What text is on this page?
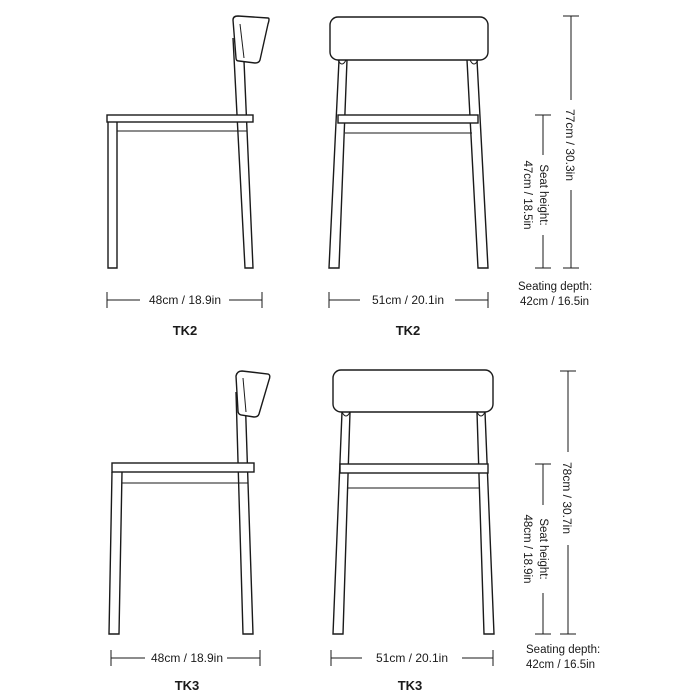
48cm / 18.9in
TK2
51cm / 20.1in
TK2
77cm / 30.3in
Seat height:
47cm / 18.5in
Seating depth:
42cm / 16.5in
48cm / 18.9in
TK3
51cm / 20.1in
TK3
78cm / 30.7in
Seat height:
48cm / 18.9in
Seating depth:
42cm / 16.5in
